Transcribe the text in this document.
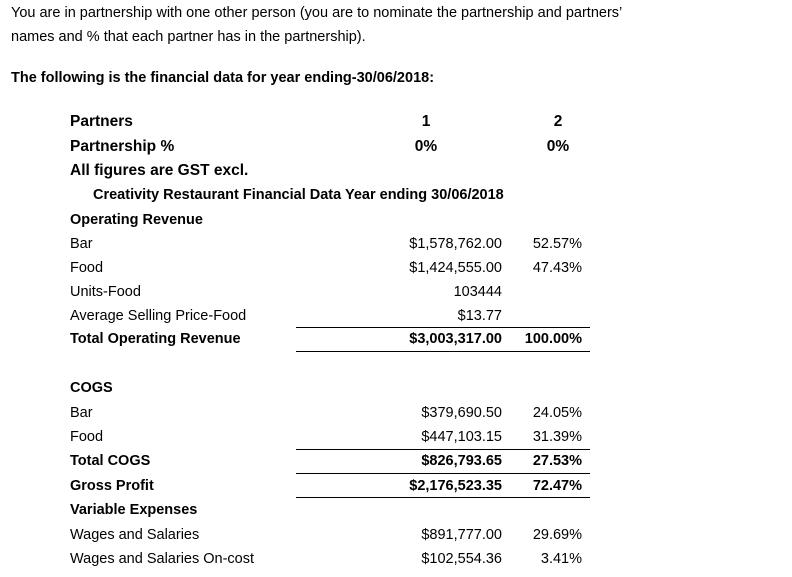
You are in partnership with one other person (you are to nominate the partnership and partners’
names and % that each partner has in the partnership).
The following is the financial data for year ending-30/06/2018:
Partners	1	2
Partnership %	0%	0%
All figures are GST excl.
Creativity Restaurant Financial Data Year ending 30/06/2018
Operating Revenue
Bar	$1,578,762.00 52.57%
Food	$1,424,555.00 47.43%
Units-Food	103444
Average Selling Price-Food	$13.77
Total Operating Revenue	$3,003,317.00 100.00%
COGS
Bar	$379,690.50 24.05%
Food	$447,103.15 31.39%
Total COGS	$826,793.65 27.53%
Gross Profit	$2,176,523.35 72.47%
Variable Expenses
Wages and Salaries	$891,777.00 29.69%
Wages and Salaries On-cost	$102,554.36	3.41%
